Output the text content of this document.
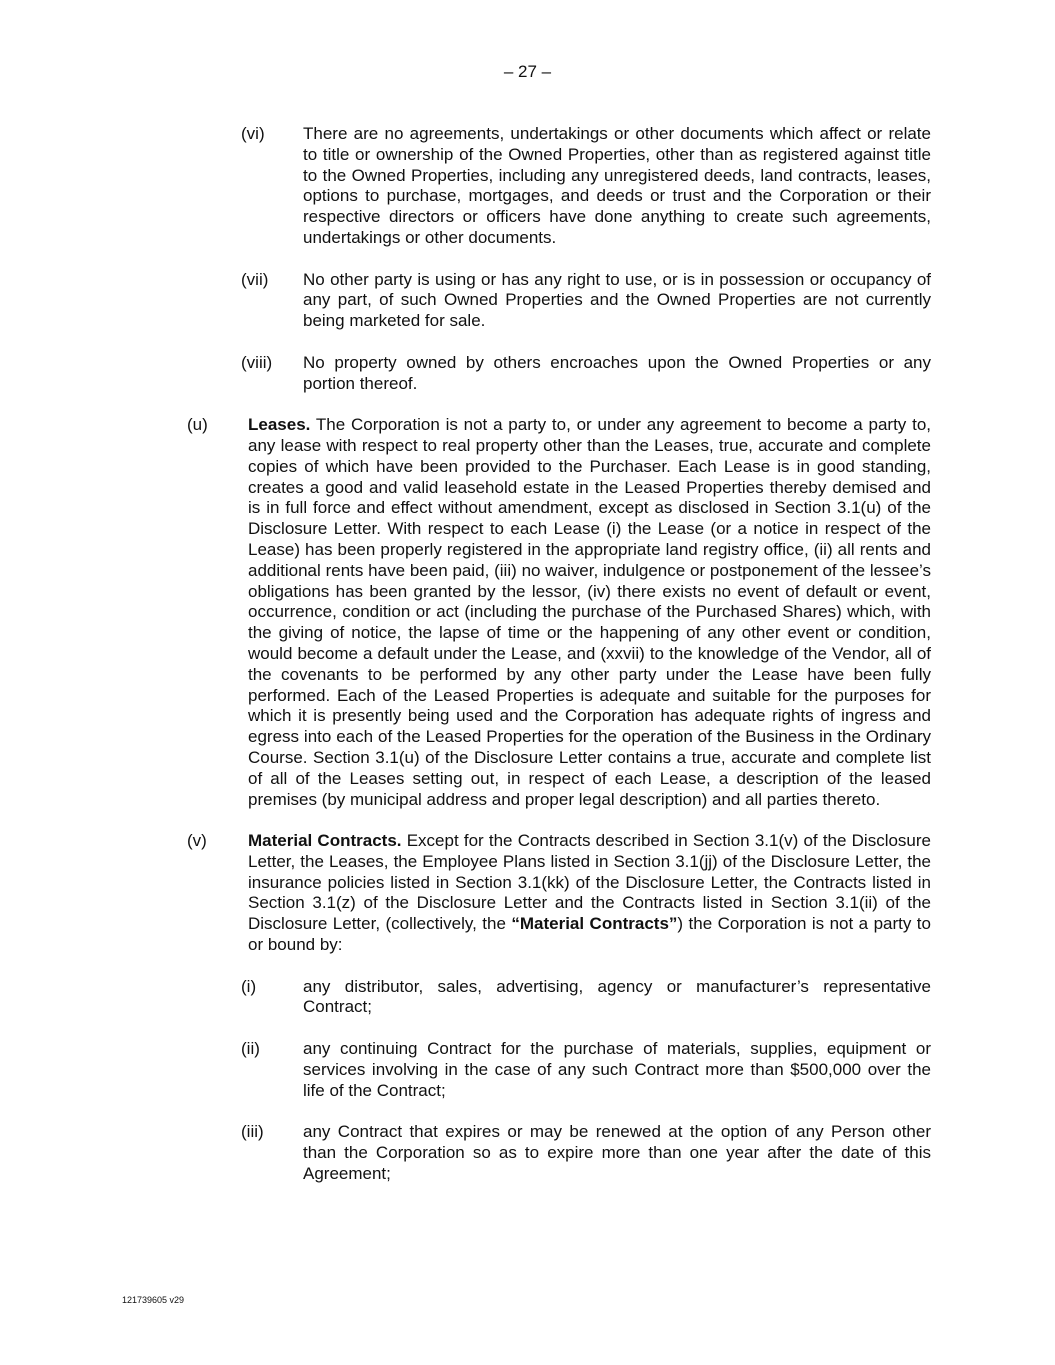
– 27 –
(vi) There are no agreements, undertakings or other documents which affect or relate to title or ownership of the Owned Properties, other than as registered against title to the Owned Properties, including any unregistered deeds, land contracts, leases, options to purchase, mortgages, and deeds or trust and the Corporation or their respective directors or officers have done anything to create such agreements, undertakings or other documents.
(vii) No other party is using or has any right to use, or is in possession or occupancy of any part, of such Owned Properties and the Owned Properties are not currently being marketed for sale.
(viii) No property owned by others encroaches upon the Owned Properties or any portion thereof.
(u) Leases. The Corporation is not a party to, or under any agreement to become a party to, any lease with respect to real property other than the Leases, true, accurate and complete copies of which have been provided to the Purchaser. Each Lease is in good standing, creates a good and valid leasehold estate in the Leased Properties thereby demised and is in full force and effect without amendment, except as disclosed in Section 3.1(u) of the Disclosure Letter. With respect to each Lease (i) the Lease (or a notice in respect of the Lease) has been properly registered in the appropriate land registry office, (ii) all rents and additional rents have been paid, (iii) no waiver, indulgence or postponement of the lessee’s obligations has been granted by the lessor, (iv) there exists no event of default or event, occurrence, condition or act (including the purchase of the Purchased Shares) which, with the giving of notice, the lapse of time or the happening of any other event or condition, would become a default under the Lease, and (xxvii) to the knowledge of the Vendor, all of the covenants to be performed by any other party under the Lease have been fully performed. Each of the Leased Properties is adequate and suitable for the purposes for which it is presently being used and the Corporation has adequate rights of ingress and egress into each of the Leased Properties for the operation of the Business in the Ordinary Course. Section 3.1(u) of the Disclosure Letter contains a true, accurate and complete list of all of the Leases setting out, in respect of each Lease, a description of the leased premises (by municipal address and proper legal description) and all parties thereto.
(v) Material Contracts. Except for the Contracts described in Section 3.1(v) of the Disclosure Letter, the Leases, the Employee Plans listed in Section 3.1(jj) of the Disclosure Letter, the insurance policies listed in Section 3.1(kk) of the Disclosure Letter, the Contracts listed in Section 3.1(z) of the Disclosure Letter and the Contracts listed in Section 3.1(ii) of the Disclosure Letter, (collectively, the “Material Contracts”) the Corporation is not a party to or bound by:
(i)	any distributor, sales, advertising, agency or manufacturer’s representative Contract;
(ii)	any continuing Contract for the purchase of materials, supplies, equipment or services involving in the case of any such Contract more than $500,000 over the life of the Contract;
(iii) any Contract that expires or may be renewed at the option of any Person other than the Corporation so as to expire more than one year after the date of this Agreement;
121739605 v29
